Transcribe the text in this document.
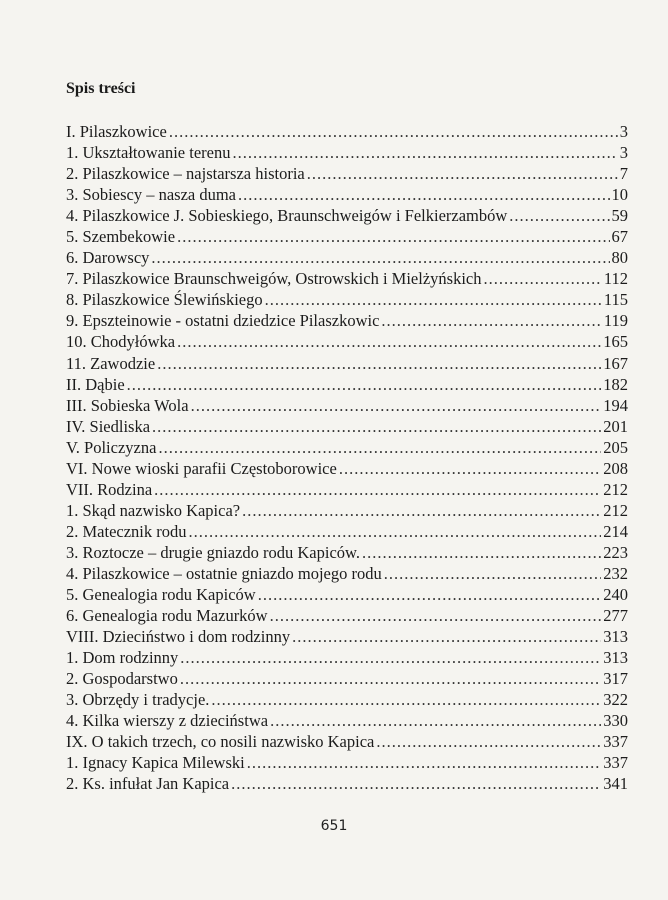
Spis treści
I. Pilaszkowice .....	3
1. Ukształtowanie terenu .....	3
2. Pilaszkowice – najstarsza historia .....	7
3. Sobiescy – nasza duma .....	10
4. Pilaszkowice J. Sobieskiego, Braunschweigów i Felkierzambów .....	59
5. Szembekowie .....	67
6. Darowscy .....	80
7. Pilaszkowice Braunschweigów, Ostrowskich i Mielżyńskich .....	112
8. Pilaszkowice Ślewińskiego .....	115
9. Epszteinowie - ostatni dziedzice Pilaszkowic .....	119
10. Chodyłówka .....	165
11. Zawodzie .....	167
II. Dąbie .....	182
III. Sobieska Wola .....	194
IV. Siedliska .....	201
V. Policzyzna .....	205
VI. Nowe wioski parafii Częstoborowice .....	208
VII. Rodzina .....	212
1. Skąd nazwisko Kapica? .....	212
2. Matecznik rodu .....	214
3. Roztocze – drugie gniazdo rodu Kapiców. .....	223
4. Pilaszkowice – ostatnie gniazdo mojego rodu .....	232
5. Genealogia rodu Kapiców .....	240
6. Genealogia rodu Mazurków .....	277
VIII. Dzieciństwo i dom rodzinny .....	313
1. Dom rodzinny .....	313
2. Gospodarstwo .....	317
3. Obrzędy i tradycje. .....	322
4. Kilka wierszy z dzieciństwa .....	330
IX. O takich trzech, co nosili nazwisko Kapica .....	337
1. Ignacy Kapica Milewski .....	337
2. Ks. infułat Jan Kapica .....	341
651
